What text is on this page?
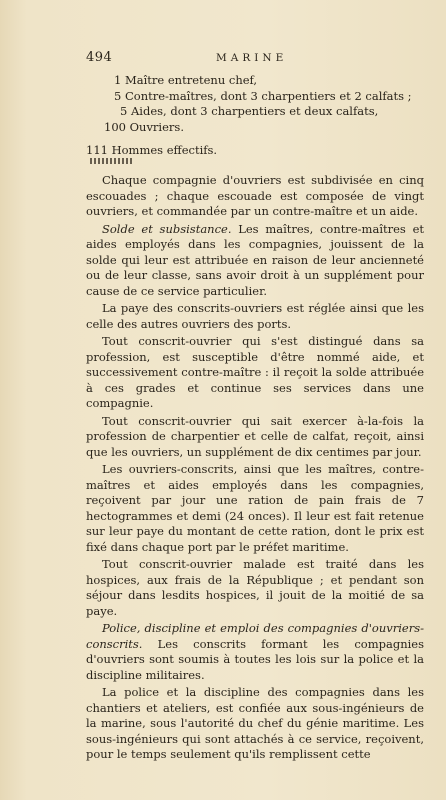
494	MARINE
1 Maître entretenu chef,
5 Contre-maîtres, dont 3 charpentiers et 2 calfats ;
5 Aides, dont 3 charpentiers et deux calfats,
100 Ouvriers.
111 Hommes effectifs.

Chaque compagnie d'ouvriers est subdivisée en cinq escouades ; chaque escouade est composée de vingt ouvriers, et commandée par un contre-maître et un aide.

Solde et subsistance. Les maîtres, contre-maîtres et aides employés dans les compagnies, jouissent de la solde qui leur est attribuée en raison de leur ancienneté ou de leur classe, sans avoir droit à un supplément pour cause de ce service particulier.

La paye des conscrits-ouvriers est réglée ainsi que les celle des autres ouvriers des ports.

Tout conscrit-ouvrier qui s'est distingué dans sa profession, est susceptible d'être nommé aide, et successivement contre-maître : il reçoit la solde attribuée à ces grades et continue ses services dans une compagnie.

Tout conscrit-ouvrier qui sait exercer à-la-fois la profession de charpentier et celle de calfat, reçoit, ainsi que les ouvriers, un supplément de dix centimes par jour.

Les ouvriers-conscrits, ainsi que les maîtres, contre-maîtres et aides employés dans les compagnies, reçoivent par jour une ration de pain frais de 7 hectogrammes et demi (24 onces). Il leur est fait retenue sur leur paye du montant de cette ration, dont le prix est fixé dans chaque port par le préfet maritime.

Tout conscrit-ouvrier malade est traité dans les hospices, aux frais de la République ; et pendant son séjour dans lesdits hospices, il jouit de la moitié de sa paye.

Police, discipline et emploi des compagnies d'ouvriers-conscrits. Les conscrits formant les compagnies d'ouvriers sont soumis à toutes les lois sur la police et la discipline militaires.

La police et la discipline des compagnies dans les chantiers et ateliers, est confiée aux sous-ingénieurs de la marine, sous l'autorité du chef du génie maritime. Les sous-ingénieurs qui sont attachés à ce service, reçoivent, pour le temps seulement qu'ils remplissent cette
